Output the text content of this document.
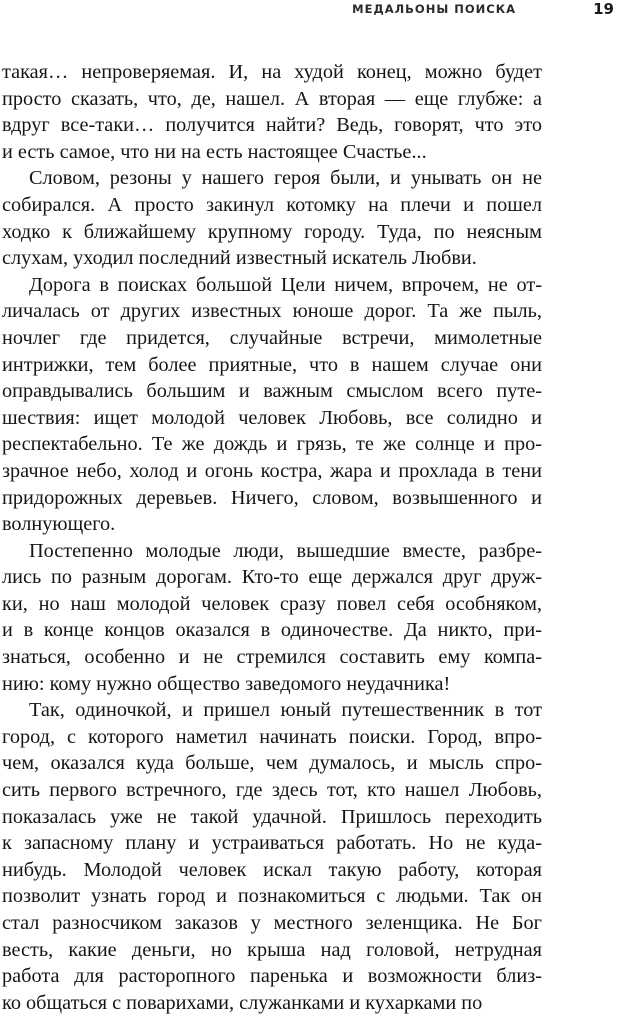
МЕДАЛЬОНЫ ПОИСКА	19
такая… непроверяемая. И, на худой конец, можно будет
просто сказать, что, де, нашел. А вторая — еще глубже: а
вдруг все-таки… получится найти? Ведь, говорят, что это
и есть самое, что ни на есть настоящее Счастье...
Словом, резоны у нашего героя были, и унывать он не
собирался. А просто закинул котомку на плечи и пошел
ходко к ближайшему крупному городу. Туда, по неясным
слухам, уходил последний известный искатель Любви.
Дорога в поисках большой Цели ничем, впрочем, не от-
личалась от других известных юноше дорог. Та же пыль,
ночлег где придется, случайные встречи, мимолетные
интрижки, тем более приятные, что в нашем случае они
оправдывались большим и важным смыслом всего путе-
шествия: ищет молодой человек Любовь, все солидно и
респектабельно. Те же дождь и грязь, те же солнце и про-
зрачное небо, холод и огонь костра, жара и прохлада в тени
придорожных деревьев. Ничего, словом, возвышенного и
волнующего.
Постепенно молодые люди, вышедшие вместе, разбре-
лись по разным дорогам. Кто-то еще держался друг друж-
ки, но наш молодой человек сразу повел себя особняком,
и в конце концов оказался в одиночестве. Да никто, при-
знаться, особенно и не стремился составить ему компа-
нию: кому нужно общество заведомого неудачника!
Так, одиночкой, и пришел юный путешественник в тот
город, с которого наметил начинать поиски. Город, впро-
чем, оказался куда больше, чем думалось, и мысль спро-
сить первого встречного, где здесь тот, кто нашел Любовь,
показалась уже не такой удачной. Пришлось переходить
к запасному плану и устраиваться работать. Но не куда-
нибудь. Молодой человек искал такую работу, которая
позволит узнать город и познакомиться с людьми. Так он
стал разносчиком заказов у местного зеленщика. Не Бог
весть, какие деньги, но крыша над головой, нетрудная
работа для расторопного паренька и возможности близ-
ко общаться с поварихами, служанками и кухарками по
